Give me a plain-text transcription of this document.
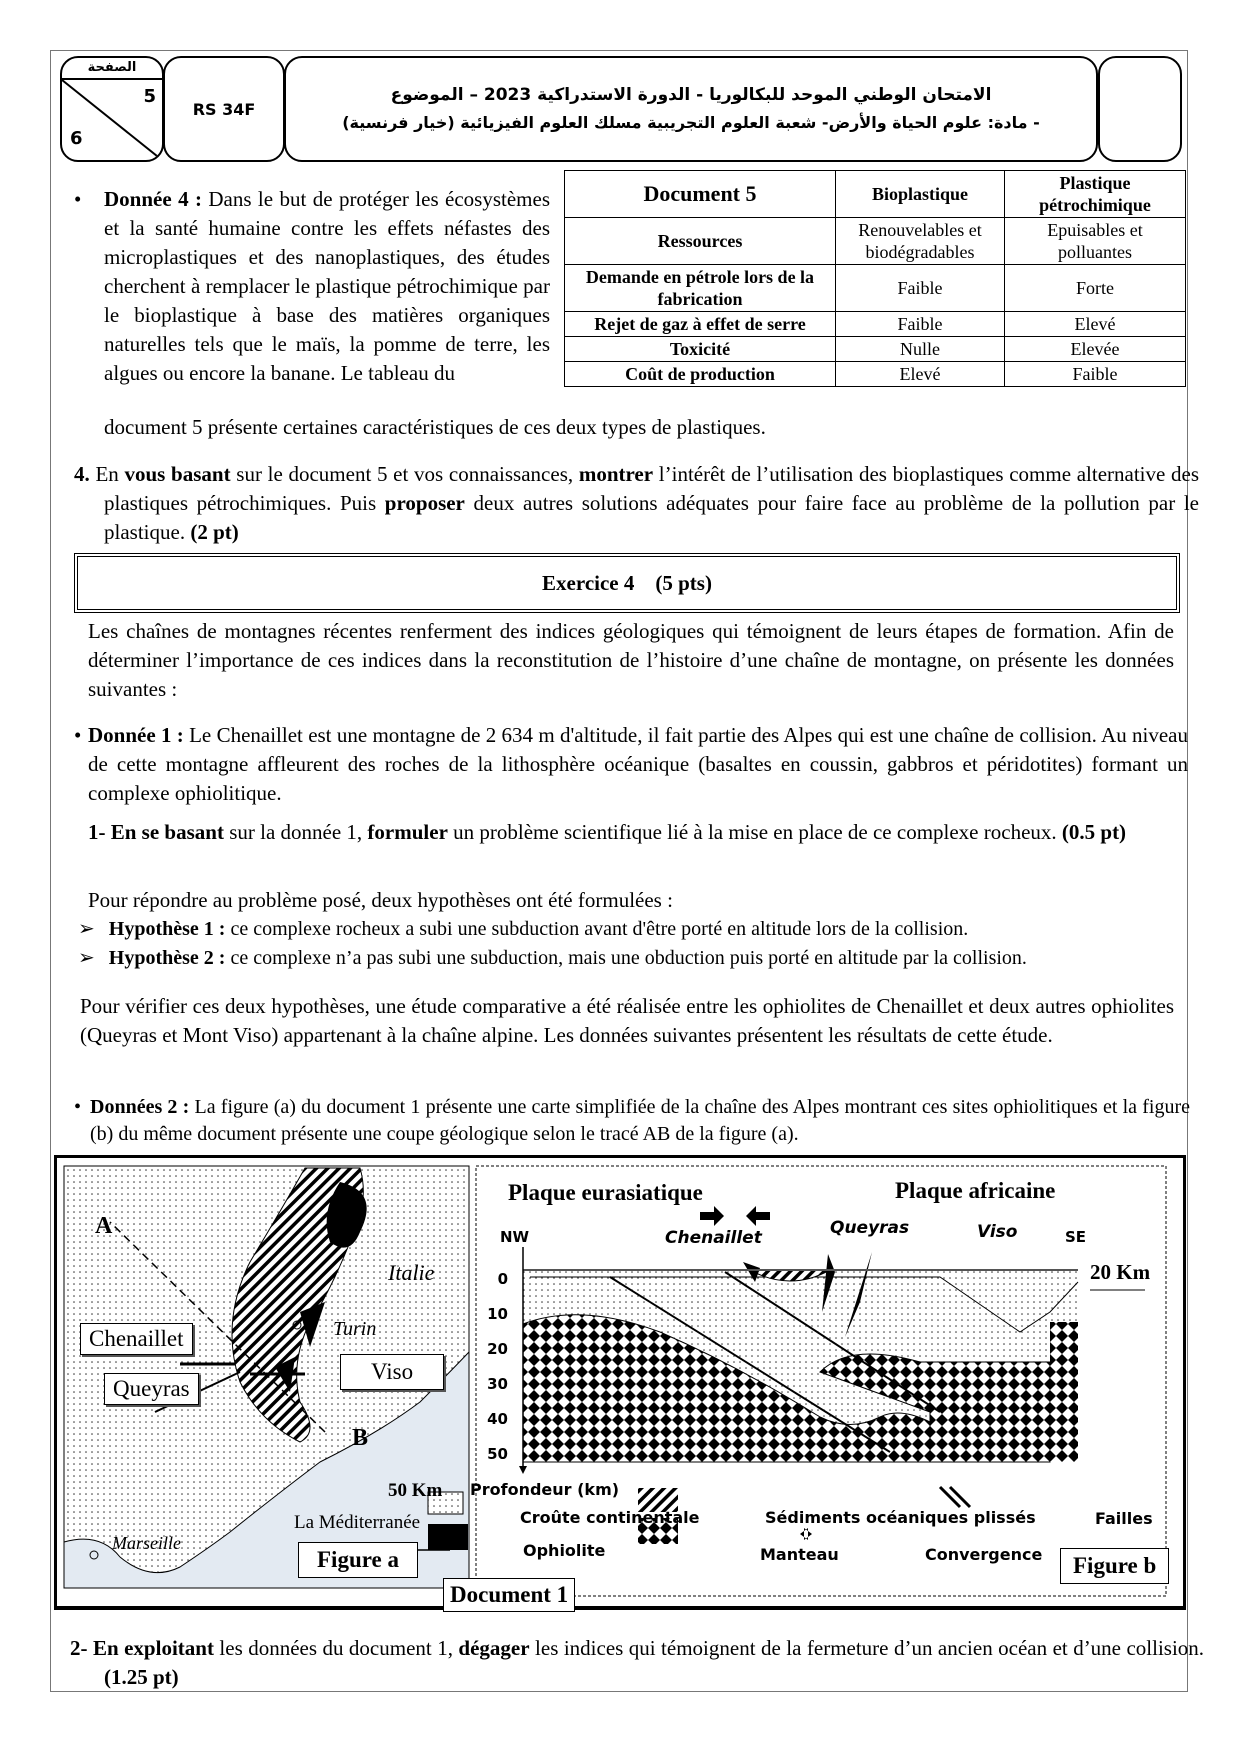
الصفحة
5
6
RS 34F
الامتحان الوطني الموحد للبكالوريا - الدورة الاستدراكية 2023 – الموضوع
- مادة: علوم الحياة والأرض- شعبة العلوم التجريبية مسلك العلوم الفيزيائية (خيار فرنسية)

• Donnée 4 : Dans le but de protéger les écosystèmes et la santé humaine contre les effets néfastes des microplastiques et des nanoplastiques, des études cherchent à remplacer le plastique pétrochimique par le bioplastique à base des matières organiques naturelles tels que le maïs, la pomme de terre, les algues ou encore la banane. Le tableau du

document 5 présente certaines caractéristiques de ces deux types de plastiques.

Document 5	Bioplastique	Plastique pétrochimique
Ressources	Renouvelables et biodégradables	Epuisables et polluantes
Demande en pétrole lors de la fabrication	Faible	Forte
Rejet de gaz à effet de serre	Faible	Elevé
Toxicité	Nulle	Elevée
Coût de production	Elevé	Faible

4. En vous basant sur le document 5 et vos connaissances, montrer l’intérêt de l’utilisation des bioplastiques comme alternative des plastiques pétrochimiques. Puis proposer deux autres solutions adéquates pour faire face au problème de la pollution par le plastique. (2 pt)

Exercice 4    (5 pts)

Les chaînes de montagnes récentes renferment des indices géologiques qui témoignent de leurs étapes de formation. Afin de déterminer l’importance de ces indices dans la reconstitution de l’histoire d’une chaîne de montagne, on présente les données suivantes :

• Donnée 1 : Le Chenaillet est une montagne de 2 634 m d'altitude, il fait partie des Alpes qui est une chaîne de collision. Au niveau de cette montagne affleurent des roches de la lithosphère océanique (basaltes en coussin, gabbros et péridotites) formant un complexe ophiolitique.

1- En se basant sur la donnée 1, formuler un problème scientifique lié à la mise en place de ce complexe rocheux. (0.5 pt)

Pour répondre au problème posé, deux hypothèses ont été formulées :

➢ Hypothèse 1 : ce complexe rocheux a subi une subduction avant d'être porté en altitude lors de la collision.

➢ Hypothèse 2 : ce complexe n’a pas subi une subduction, mais une obduction puis porté en altitude par la collision.

Pour vérifier ces deux hypothèses, une étude comparative a été réalisée entre les ophiolites de Chenaillet et deux autres ophiolites (Queyras et Mont Viso) appartenant à la chaîne alpine. Les données suivantes présentent les résultats de cette étude.

• Données 2 : La figure (a) du document 1 présente une carte simplifiée de la chaîne des Alpes montrant ces sites ophiolitiques et la figure (b) du même document présente une coupe géologique selon le tracé AB de la figure (a).

A
B
Italie
Turin
Chenaillet
Queyras
Viso
50 Km
La Méditerranée
Marseille
Figure a
Plaque eurasiatique	Plaque africaine
NW	SE
Chenaillet	Queyras	Viso
20 Km
0
10
20
30
40
50
Profondeur (km)
Croûte continentale	Sédiments océaniques plissés	Failles
Ophiolite	Manteau	Convergence	Figure b
Document 1

2- En exploitant les données du document 1, dégager les indices qui témoignent de la fermeture d’un ancien océan et d’une collision. (1.25 pt)
